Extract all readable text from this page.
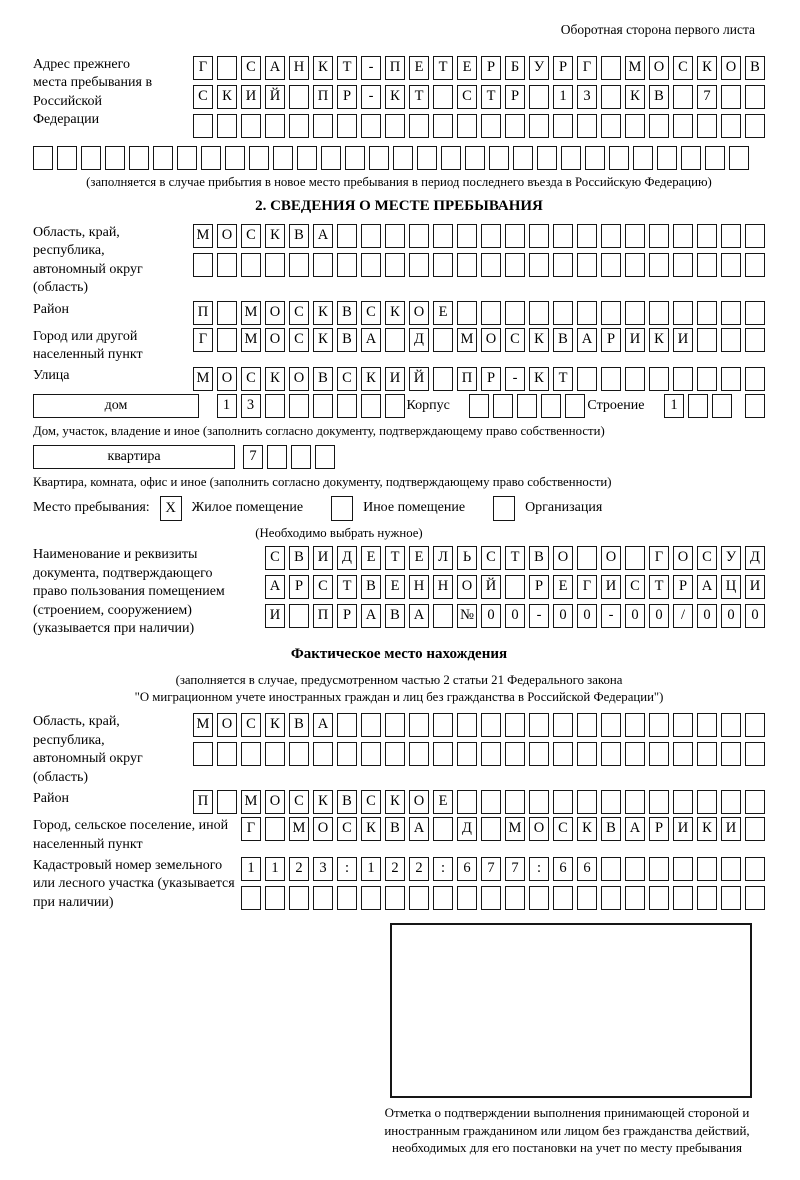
Оборотная сторона первого листа
Адрес прежнего места пребывания в Российской Федерации
Г	С А Н К Т - П Е Т Е Р Б У Р Г	М О С К О В
С К И Й	П Р - К Т	С Т Р	1 3	К В	7
(заполняется в случае прибытия в новое место пребывания в период последнего въезда в Российскую Федерацию)
2. СВЕДЕНИЯ О МЕСТЕ ПРЕБЫВАНИЯ
Область, край, республика, автономный округ (область)
М О С К В А
Район	П	М О С К В С К О Е
Город или другой населенный пункт
Г	М О С К В А	Д	М О С К В А Р И К И
Улица	М О С К О В С К И Й	П Р - К Т
дом	1 3	Корпус	Строение	1
Дом, участок, владение и иное (заполнить согласно документу, подтверждающему право собственности)
квартира	7
Квартира, комната, офис и иное (заполнить согласно документу, подтверждающему право собственности)
Место пребывания:	X	Жилое помещение	Иное помещение	Организация
(Необходимо выбрать нужное)
Наименование и реквизиты документа, подтверждающего право пользования помещением (строением, сооружением) (указывается при наличии)
С В И Д Е Т Е Л Ь С Т В О	О	Г О С У Д
А Р С Т В Е Н Н О Й	Р Е Г И С Т Р А Ц И
И	П Р А В А № 0 0 - 0 0 - 0 0 / 0 0 0
Фактическое место нахождения
(заполняется в случае, предусмотренном частью 2 статьи 21 Федерального закона
"О миграционном учете иностранных граждан и лиц без гражданства в Российской Федерации")
Область, край, республика, автономный округ (область)
М О С К В А
Район	П	М О С К В С К О Е
Город, сельское поселение, иной населенный пункт
Г	М О С К В А	Д	М О С К В А Р И К И
Кадастровый номер земельного или лесного участка (указывается при наличии)
1 1 2 3 : 1 2 2 : 6 7 7 : 6 6
Отметка о подтверждении выполнения принимающей стороной и иностранным гражданином или лицом без гражданства действий, необходимых для его постановки на учет по месту пребывания
